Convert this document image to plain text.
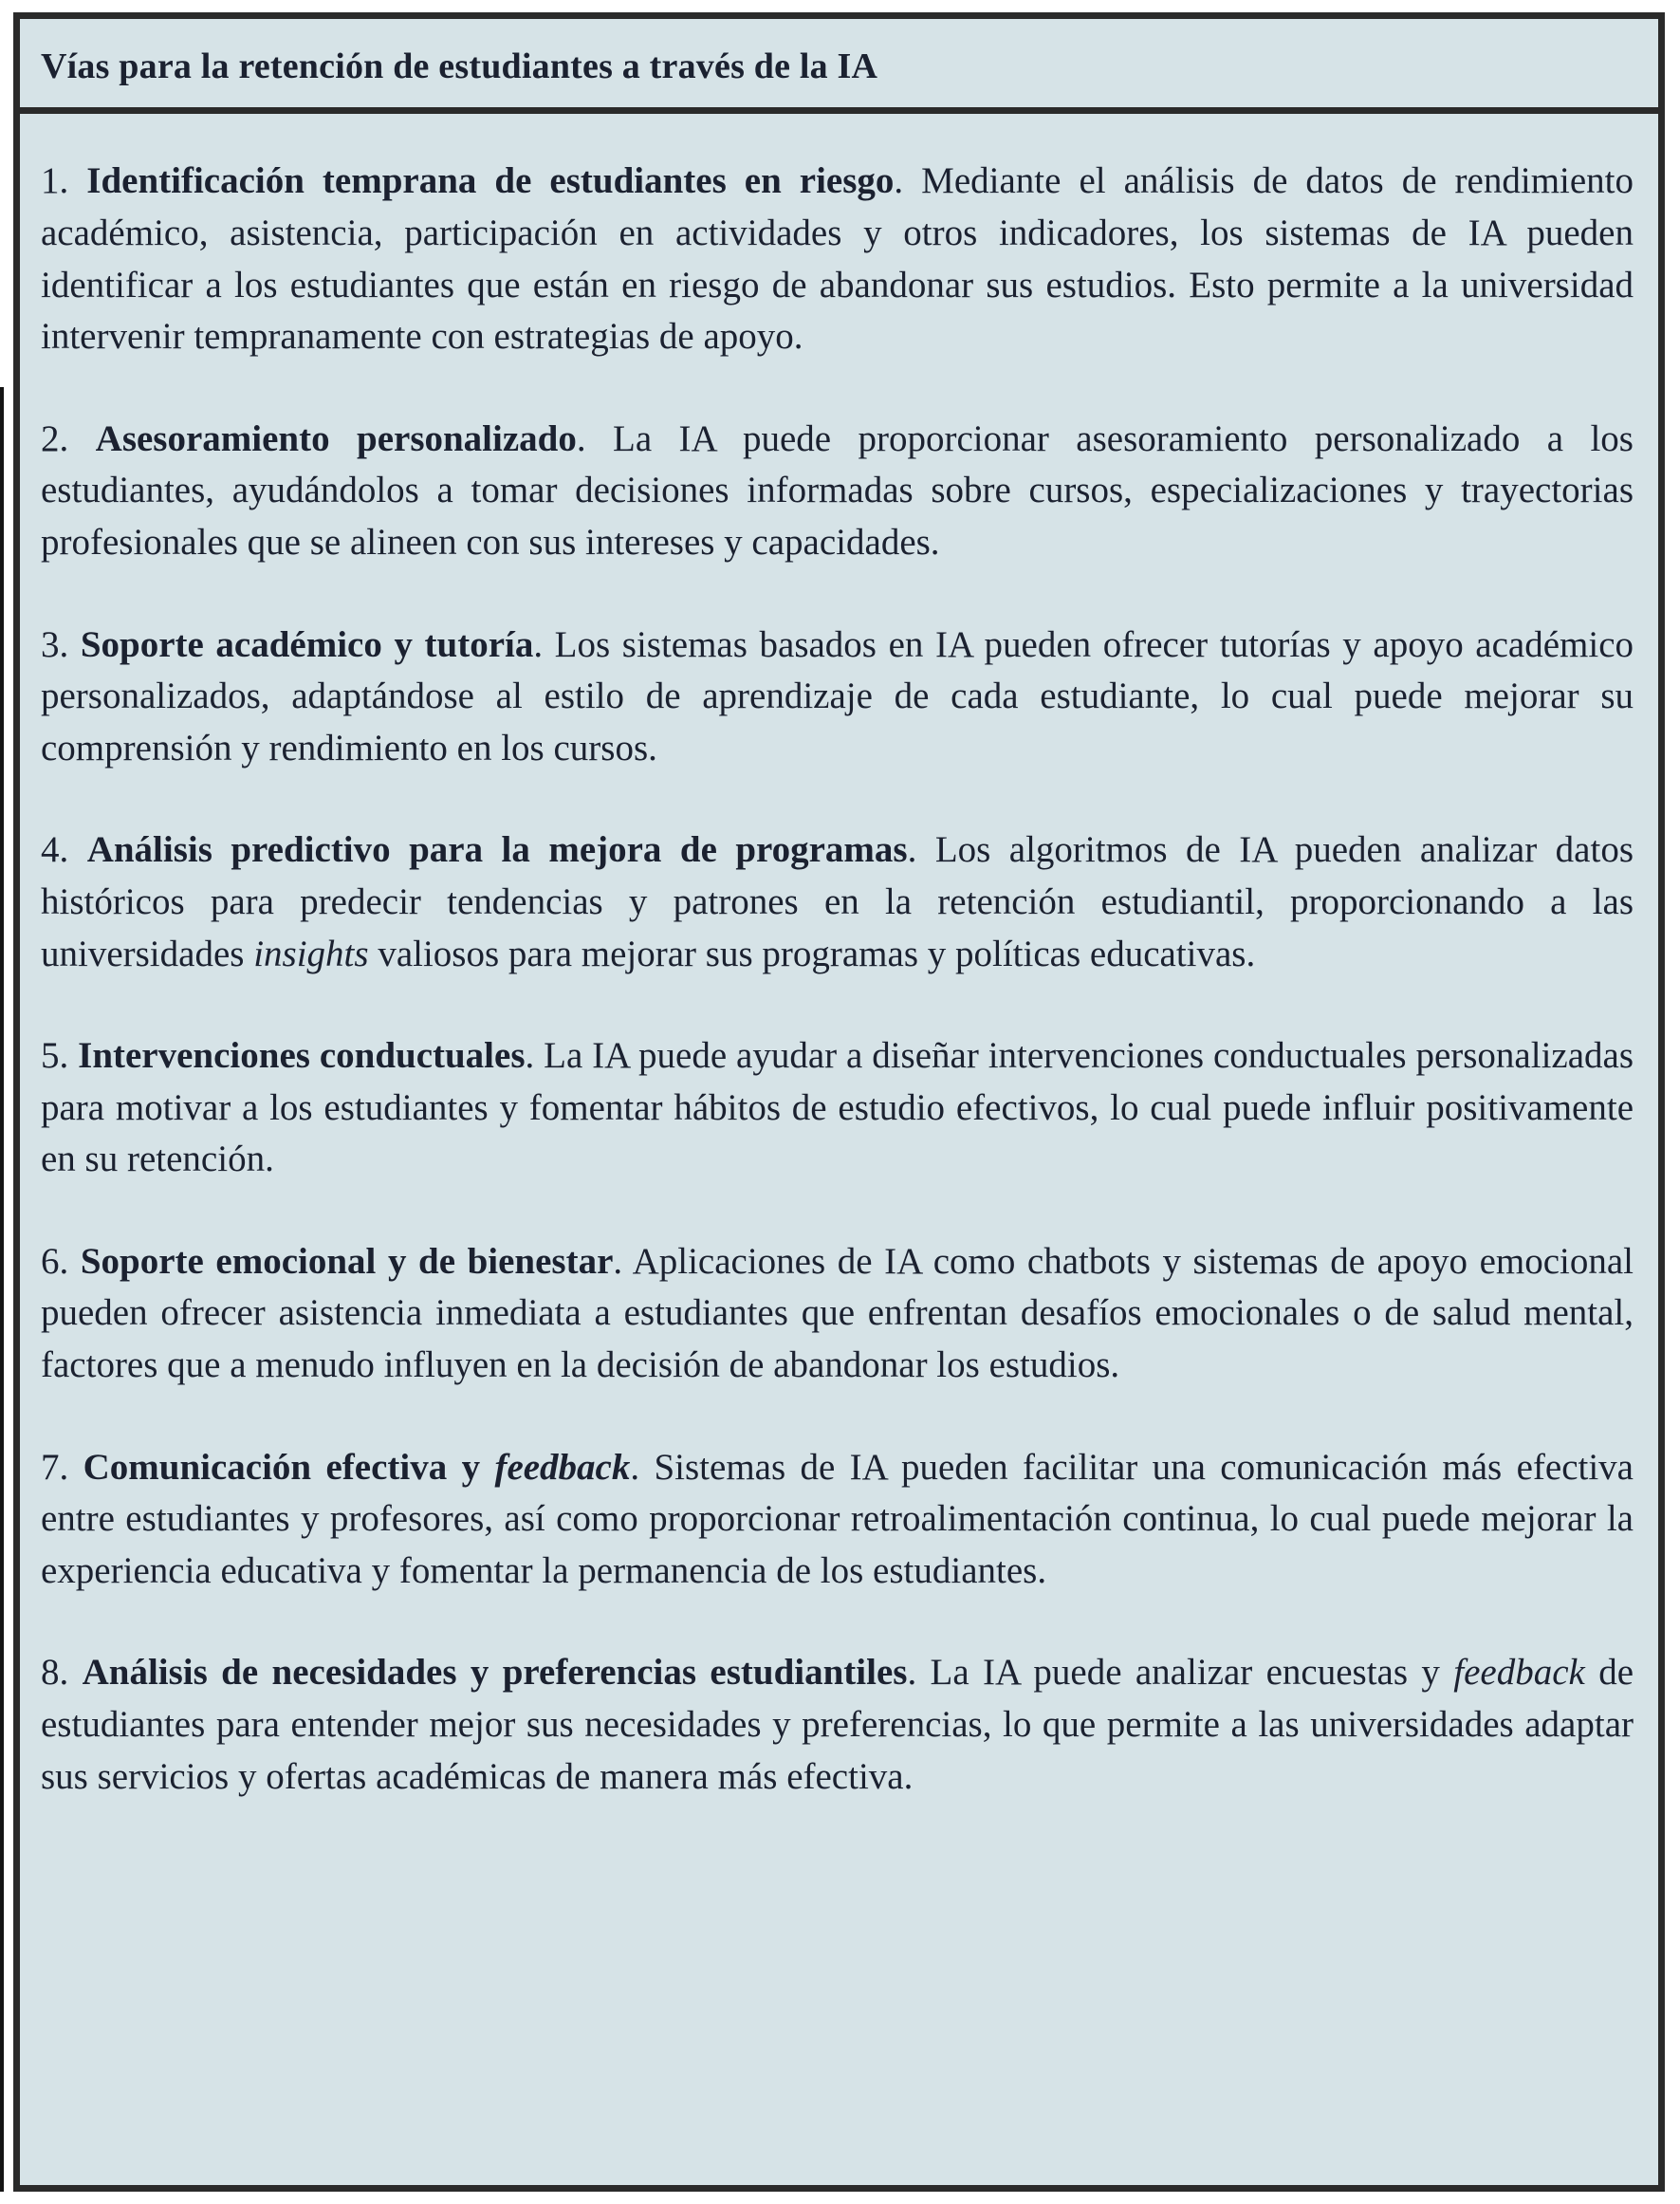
Vías para la retención de estudiantes a través de la IA

1. Identificación temprana de estudiantes en riesgo. Mediante el análisis de datos de rendimiento académico, asistencia, participación en actividades y otros indicadores, los sistemas de IA pueden identificar a los estudiantes que están en riesgo de abandonar sus estudios. Esto permite a la universidad intervenir tempranamente con estrategias de apoyo.

2. Asesoramiento personalizado. La IA puede proporcionar asesoramiento personalizado a los estudiantes, ayudándolos a tomar decisiones informadas sobre cursos, especializaciones y trayectorias profesionales que se alineen con sus intereses y capacidades.

3. Soporte académico y tutoría. Los sistemas basados en IA pueden ofrecer tutorías y apoyo académico personalizados, adaptándose al estilo de aprendizaje de cada estudiante, lo cual puede mejorar su comprensión y rendimiento en los cursos.

4. Análisis predictivo para la mejora de programas. Los algoritmos de IA pueden analizar datos históricos para predecir tendencias y patrones en la retención estudiantil, proporcionando a las universidades insights valiosos para mejorar sus programas y políticas educativas.

5. Intervenciones conductuales. La IA puede ayudar a diseñar intervenciones conductuales personalizadas para motivar a los estudiantes y fomentar hábitos de estudio efectivos, lo cual puede influir positivamente en su retención.

6. Soporte emocional y de bienestar. Aplicaciones de IA como chatbots y sistemas de apoyo emocional pueden ofrecer asistencia inmediata a estudiantes que enfrentan desafíos emocionales o de salud mental, factores que a menudo influyen en la decisión de abandonar los estudios.

7. Comunicación efectiva y feedback. Sistemas de IA pueden facilitar una comunicación más efectiva entre estudiantes y profesores, así como proporcionar retroalimentación continua, lo cual puede mejorar la experiencia educativa y fomentar la permanencia de los estudiantes.

8. Análisis de necesidades y preferencias estudiantiles. La IA puede analizar encuestas y feedback de estudiantes para entender mejor sus necesidades y preferencias, lo que permite a las universidades adaptar sus servicios y ofertas académicas de manera más efectiva.
